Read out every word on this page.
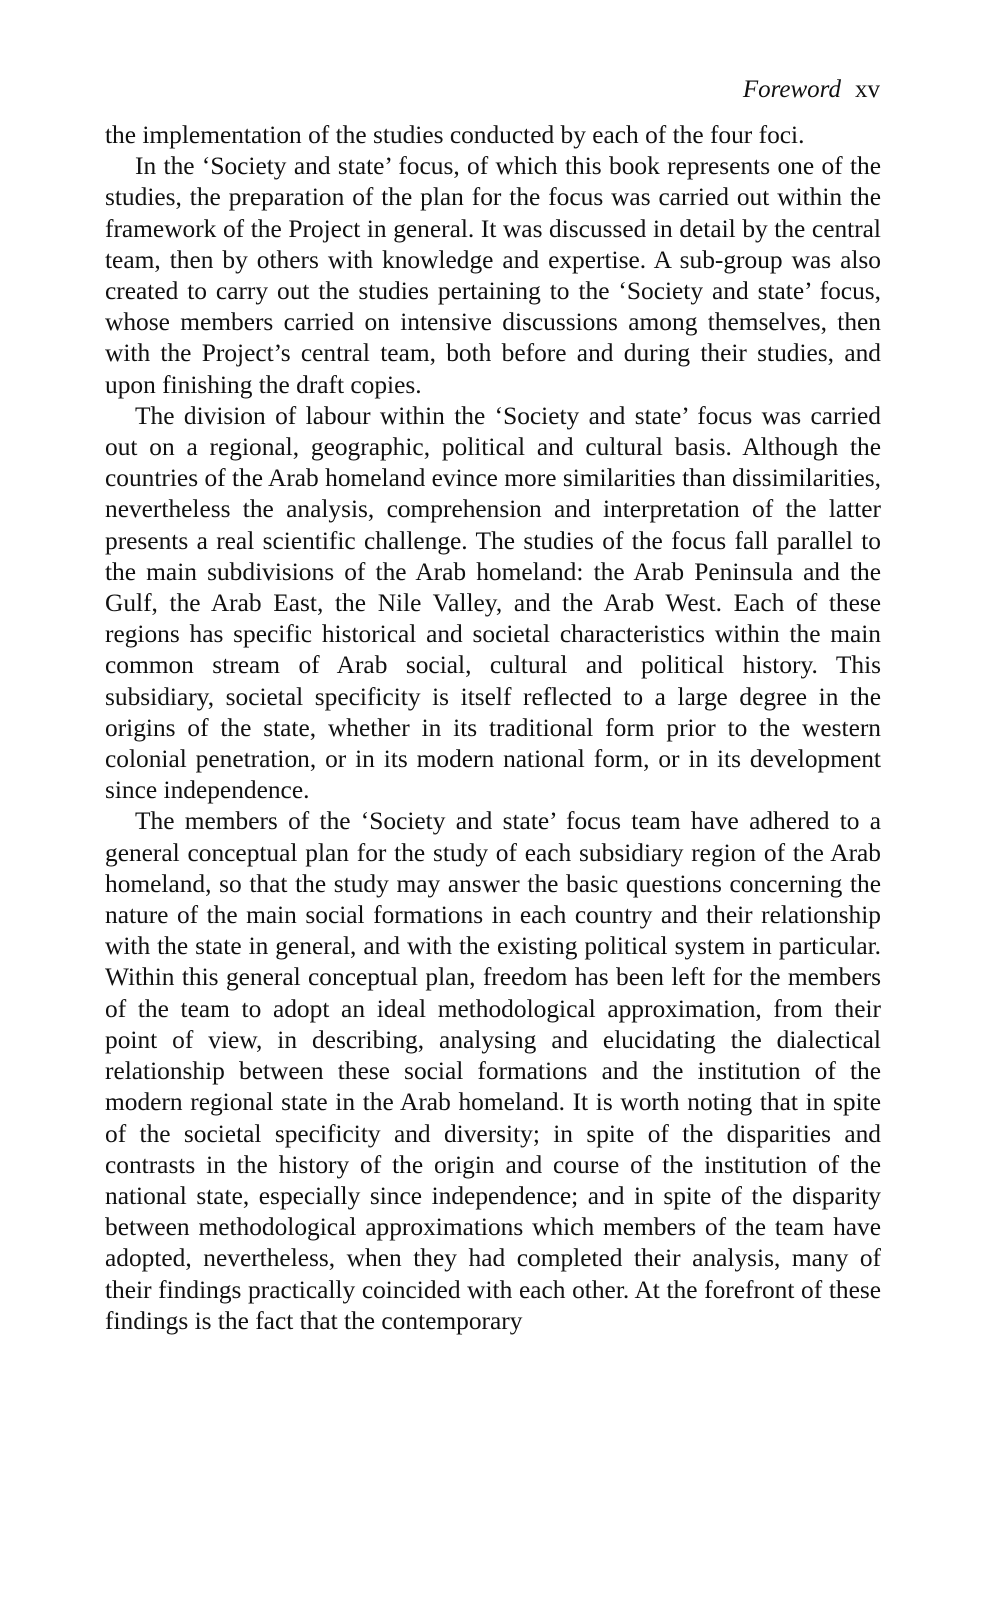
Foreword xv

the implementation of the studies conducted by each of the four foci.

In the ‘Society and state’ focus, of which this book represents one of the studies, the preparation of the plan for the focus was carried out within the framework of the Project in general. It was discussed in detail by the central team, then by others with knowledge and expertise. A sub-group was also created to carry out the studies pertaining to the ‘Society and state’ focus, whose members carried on intensive discussions among themselves, then with the Project’s central team, both before and during their studies, and upon finishing the draft copies.

The division of labour within the ‘Society and state’ focus was carried out on a regional, geographic, political and cultural basis. Although the countries of the Arab homeland evince more similarities than dissimilarities, nevertheless the analysis, comprehension and interpretation of the latter presents a real scientific challenge. The studies of the focus fall parallel to the main subdivisions of the Arab homeland: the Arab Peninsula and the Gulf, the Arab East, the Nile Valley, and the Arab West. Each of these regions has specific historical and societal characteristics within the main common stream of Arab social, cultural and political history. This subsidiary, societal specificity is itself reflected to a large degree in the origins of the state, whether in its traditional form prior to the western colonial penetration, or in its modern national form, or in its development since independence.

The members of the ‘Society and state’ focus team have adhered to a general conceptual plan for the study of each subsidiary region of the Arab homeland, so that the study may answer the basic questions concerning the nature of the main social formations in each country and their relationship with the state in general, and with the existing political system in particular. Within this general conceptual plan, freedom has been left for the members of the team to adopt an ideal methodological approximation, from their point of view, in describing, analysing and elucidating the dialectical relationship between these social formations and the institution of the modern regional state in the Arab homeland. It is worth noting that in spite of the societal specificity and diversity; in spite of the disparities and contrasts in the history of the origin and course of the institution of the national state, especially since independence; and in spite of the disparity between methodological approximations which members of the team have adopted, nevertheless, when they had completed their analysis, many of their findings practically coincided with each other. At the forefront of these findings is the fact that the contemporary
